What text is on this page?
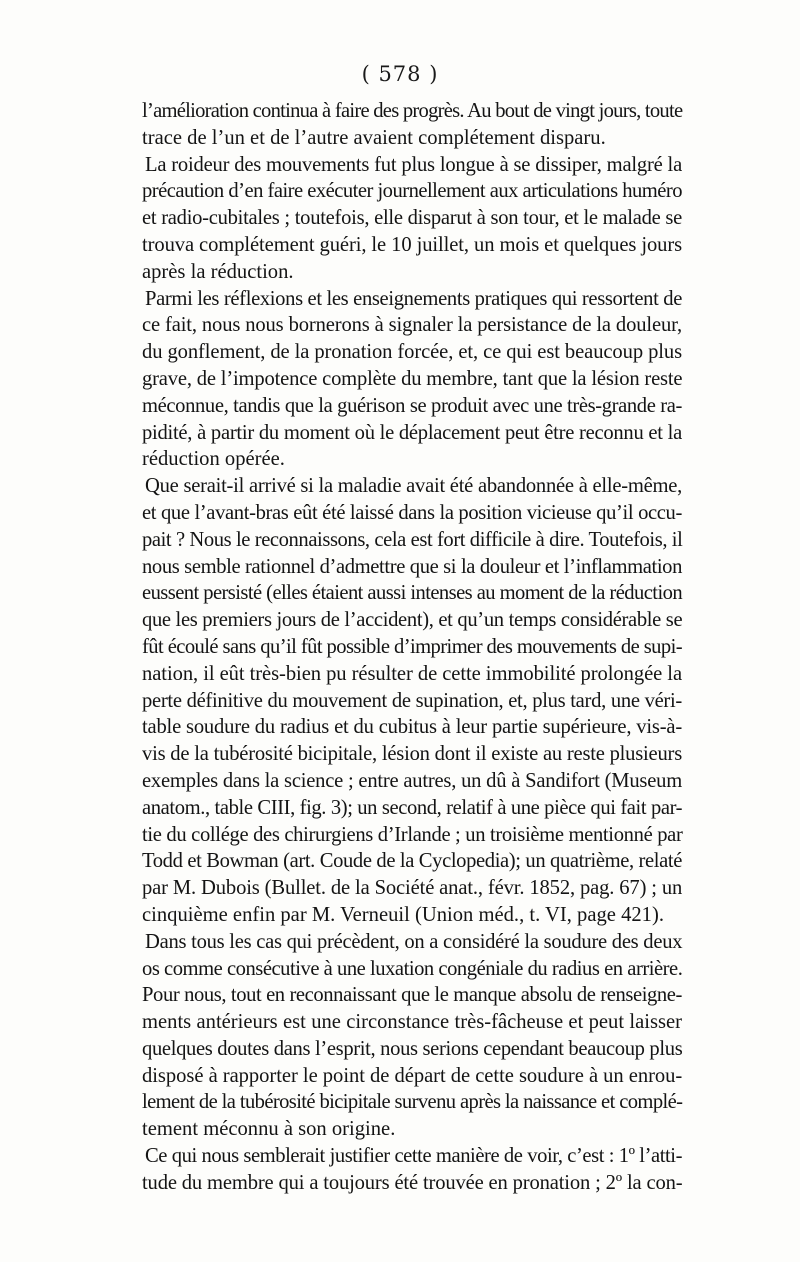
( 578 )
l’amélioration continua à faire des progrès. Au bout de vingt jours, toute
trace de l’un et de l’autre avaient complétement disparu.
La roideur des mouvements fut plus longue à se dissiper, malgré la
précaution d’en faire exécuter journellement aux articulations huméro
et radio-cubitales ; toutefois, elle disparut à son tour, et le malade se
trouva complétement guéri, le 10 juillet, un mois et quelques jours
après la réduction.
Parmi les réflexions et les enseignements pratiques qui ressortent de
ce fait, nous nous bornerons à signaler la persistance de la douleur,
du gonflement, de la pronation forcée, et, ce qui est beaucoup plus
grave, de l’impotence complète du membre, tant que la lésion reste
méconnue, tandis que la guérison se produit avec une très-grande ra-
pidité, à partir du moment où le déplacement peut être reconnu et la
réduction opérée.
Que serait-il arrivé si la maladie avait été abandonnée à elle-même,
et que l’avant-bras eût été laissé dans la position vicieuse qu’il occu-
pait ? Nous le reconnaissons, cela est fort difficile à dire. Toutefois, il
nous semble rationnel d’admettre que si la douleur et l’inflammation
eussent persisté (elles étaient aussi intenses au moment de la réduction
que les premiers jours de l’accident), et qu’un temps considérable se
fût écoulé sans qu’il fût possible d’imprimer des mouvements de supi-
nation, il eût très-bien pu résulter de cette immobilité prolongée la
perte définitive du mouvement de supination, et, plus tard, une véri-
table soudure du radius et du cubitus à leur partie supérieure, vis-à-
vis de la tubérosité bicipitale, lésion dont il existe au reste plusieurs
exemples dans la science ; entre autres, un dû à Sandifort (Museum
anatom., table CIII, fig. 3); un second, relatif à une pièce qui fait par-
tie du collége des chirurgiens d’Irlande ; un troisième mentionné par
Todd et Bowman (art. Coude de la Cyclopedia); un quatrième, relaté
par M. Dubois (Bullet. de la Société anat., févr. 1852, pag. 67) ; un
cinquième enfin par M. Verneuil (Union méd., t. VI, page 421).
Dans tous les cas qui précèdent, on a considéré la soudure des deux
os comme consécutive à une luxation congéniale du radius en arrière.
Pour nous, tout en reconnaissant que le manque absolu de renseigne-
ments antérieurs est une circonstance très-fâcheuse et peut laisser
quelques doutes dans l’esprit, nous serions cependant beaucoup plus
disposé à rapporter le point de départ de cette soudure à un enrou-
lement de la tubérosité bicipitale survenu après la naissance et complé-
tement méconnu à son origine.
Ce qui nous semblerait justifier cette manière de voir, c’est : 1º l’atti-
tude du membre qui a toujours été trouvée en pronation ; 2º la con-
